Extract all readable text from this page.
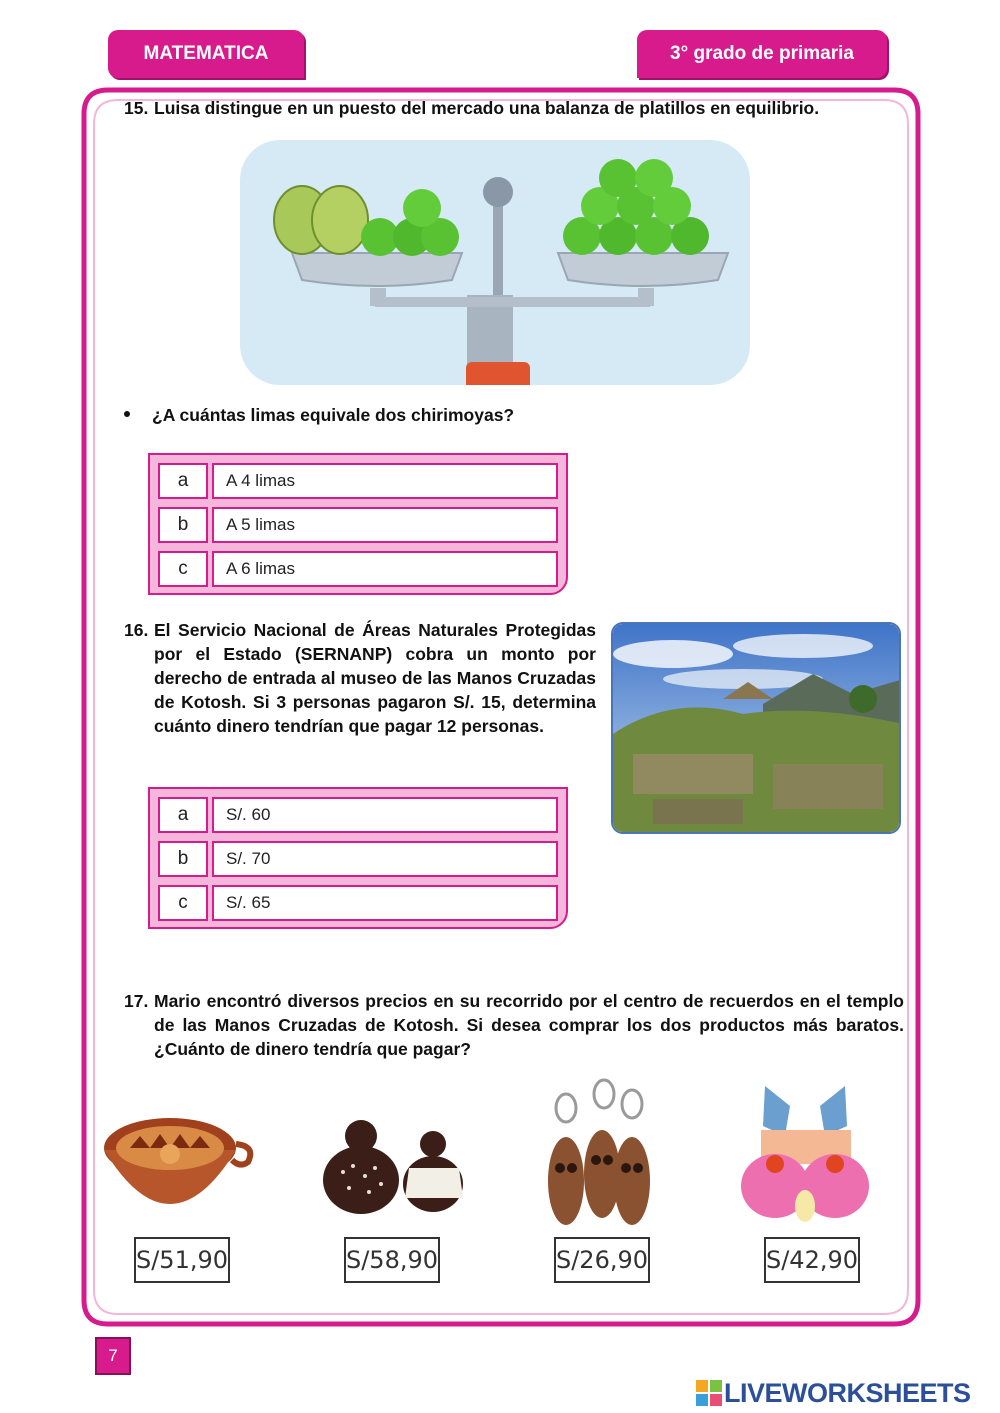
MATEMATICA	3° grado de primaria
15. Luisa distingue en un puesto del mercado una balanza de platillos en equilibrio.
¿A cuántas limas equivale dos chirimoyas?
a	A 4 limas
b	A 5 limas
c	A 6 limas
16. El Servicio Nacional de Áreas Naturales Protegidas por el Estado (SERNANP) cobra un monto por derecho de entrada al museo de las Manos Cruzadas de Kotosh. Si 3 personas pagaron S/. 15, determina cuánto dinero tendrían que pagar 12 personas.
a	S/. 60
b	S/. 70
c	S/. 65
17. Mario encontró diversos precios en su recorrido por el centro de recuerdos en el templo de las Manos Cruzadas de Kotosh. Si desea comprar los dos productos más baratos. ¿Cuánto de dinero tendría que pagar?
S/51,90	S/58,90	S/26,90	S/42,90
7
LIVEWORKSHEETS
